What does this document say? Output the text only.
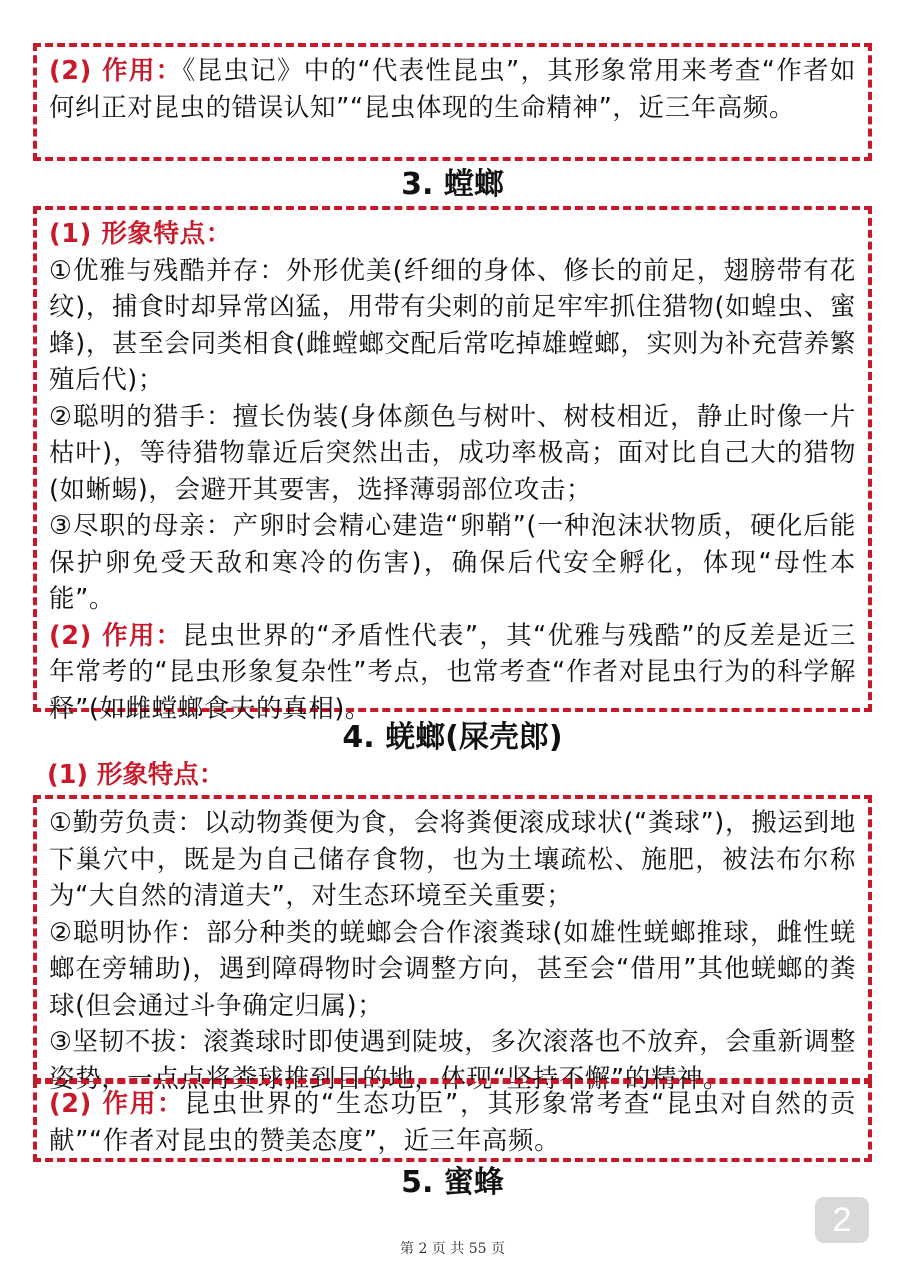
(2) 作用：《昆虫记》中的“代表性昆虫”，其形象常用来考查“作者如何纠正对昆虫的错误认知”“昆虫体现的生命精神”，近三年高频。

3. 螳螂

(1) 形象特点：

①优雅与残酷并存：外形优美(纤细的身体、修长的前足，翅膀带有花纹)，捕食时却异常凶猛，用带有尖刺的前足牢牢抓住猎物(如蝗虫、蜜蜂)，甚至会同类相食(雌螳螂交配后常吃掉雄螳螂，实则为补充营养繁殖后代)；

②聪明的猎手：擅长伪装(身体颜色与树叶、树枝相近，静止时像一片枯叶)，等待猎物靠近后突然出击，成功率极高；面对比自己大的猎物(如蜥蜴)，会避开其要害，选择薄弱部位攻击；

③尽职的母亲：产卵时会精心建造“卵鞘”(一种泡沫状物质，硬化后能保护卵免受天敌和寒冷的伤害)，确保后代安全孵化，体现“母性本能”。

(2) 作用：昆虫世界的“矛盾性代表”，其“优雅与残酷”的反差是近三年常考的“昆虫形象复杂性”考点，也常考查“作者对昆虫行为的科学解释”(如雌螳螂食夫的真相)。

4. 蜣螂(屎壳郎)
(1) 形象特点：

①勤劳负责：以动物粪便为食，会将粪便滚成球状(“粪球”)，搬运到地下巢穴中，既是为自己储存食物，也为土壤疏松、施肥，被法布尔称为“大自然的清道夫”，对生态环境至关重要；

②聪明协作：部分种类的蜣螂会合作滚粪球(如雄性蜣螂推球，雌性蜣螂在旁辅助)，遇到障碍物时会调整方向，甚至会“借用”其他蜣螂的粪球(但会通过斗争确定归属)；

③坚韧不拔：滚粪球时即使遇到陡坡，多次滚落也不放弃，会重新调整姿势，一点点将粪球推到目的地，体现“坚持不懈”的精神。

(2) 作用：昆虫世界的“生态功臣”，其形象常考查“昆虫对自然的贡献”“作者对昆虫的赞美态度”，近三年高频。

5. 蜜蜂
2
第 2 页 共 55 页
